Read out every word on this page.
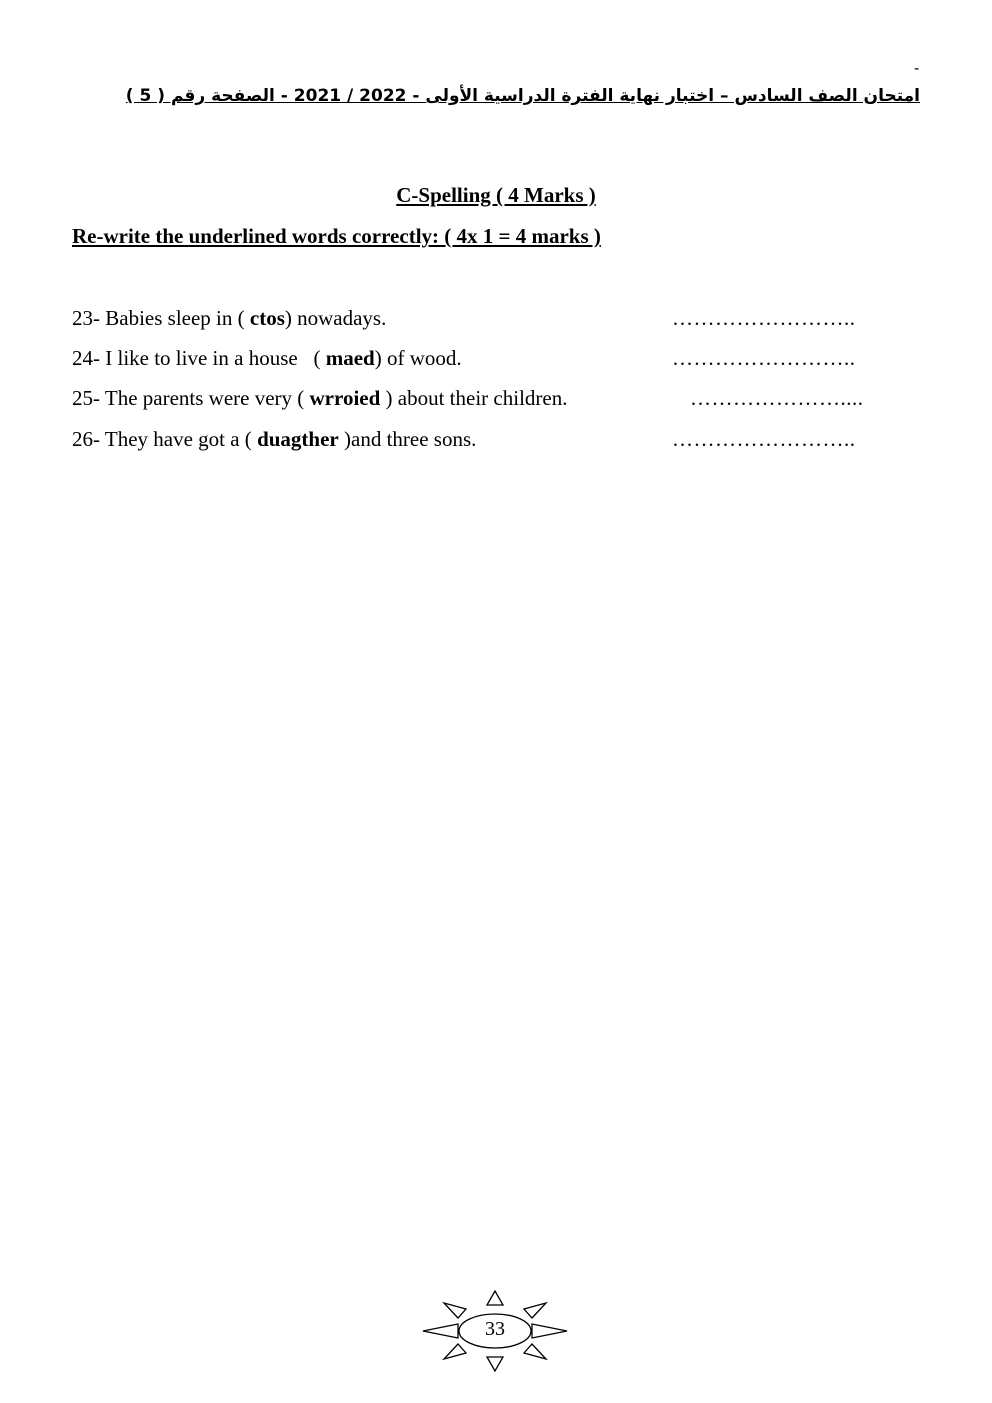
-
امتحان الصف السادس – اختبار نهاية الفترة الدراسية الأولى - 2022 / 2021 - الصفحة رقم ( 5 )
C-Spelling ( 4 Marks )
Re-write the underlined words correctly: ( 4x 1 = 4 marks )
23- Babies sleep in ( ctos) nowadays.	……………………..
24- I like to live in a house   ( maed) of wood.	……………………..
25- The parents were very ( wrroied ) about their children.	…………………....
26- They have got a ( duagther )and three sons.	……………………..
33
